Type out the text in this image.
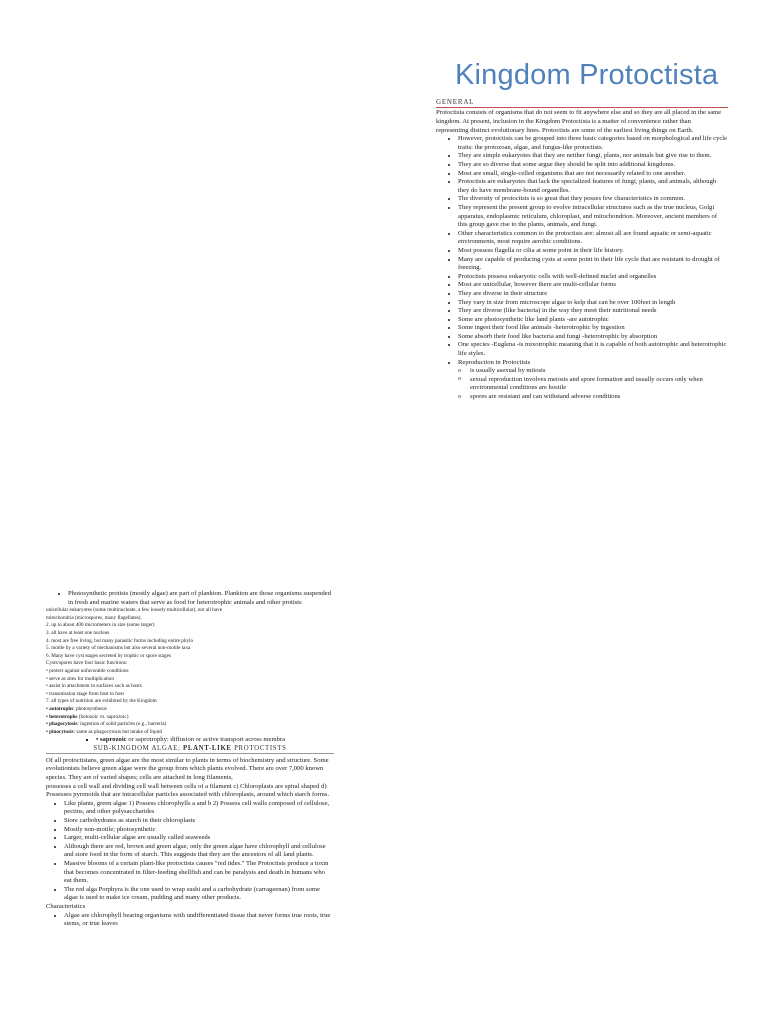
Kingdom Protoctista
GENERAL

Protoctista consists of organisms that do not seem to fit anywhere else and so they are all placed in the same kingdom. At present, inclusion in the Kingdom Protoctista is a matter of convenience rather than representing distinct evolutionary lines. Protoctists are some of the earliest living things on Earth.

• However, protoctists can be grouped into three basic categories based on morphological and life cycle traits: the protozoan, algae, and fungus-like protoctists.
• They are simple eukaryotes that they are neither fungi, plants, nor animals but give rise to them.
• They are so diverse that some argue they should be split into additional kingdoms.
• Most are small, single-celled organisms that are not necessarily related to one another.
• Protoctists are eukaryotes that lack the specialized features of fungi, plants, and animals, although they do have membrane-bound organelles.
• The diversity of protoctists is so great that they posses few characteristics in common.
• They represent the present group to evolve intracellular structures such as the true nucleus, Golgi apparatus, endoplasmic reticulum, chloroplast, and mitochondrion. Moreover, ancient members of this group gave rise to the plants, animals, and fungi.
• Other characteristics common to the protoctists are: almost all are found aquatic or semi-aquatic environments, most require aerobic conditions.
• Most possess flagella or cilia at some point in their life history.
• Many are capable of producing cysts at some point in their life cycle that are resistant to drought of freezing.
• Protoctists possess eukaryotic cells with well-defined nuclei and organelles
• Most are unicellular, however there are multi-cellular forms
• They are diverse in their structure
• They vary in size from microscope algae to kelp that can be over 100feet in length
• They are diverse (like bacteria) in the way they meet their nutritional needs
• Some are photosynthetic like land plants -are autotrophic
• Some ingest their food like animals -heterotrophic by ingestion
• Some absorb their food like bacteria and fungi -heterotrophic by absorption
• One species -Euglena -is mixotrophic meaning that it is capable of both autotrophic and heterotrophic life styles.
• Reproduction in Protoctists
o is usually asexual by mitosis
o sexual reproduction involves meiosis and spore formation and usually occurs only when environmental conditions are hostile
o spores are resistant and can withstand adverse conditions
• Photosynthetic protists (mostly algae) are part of plankton. Plankton are those organisms suspended in fresh and marine waters that serve as food for heterotrophic animals and other protists
unicellular eukaryotes (some multinucleate, a few loosely multicellular), not all have
mitochondria (microspores, many flagellates).
2. up to about 400 micrometers in size (some larger)
3. all have at least one nucleus
4. most are free living, but many parasitic forms including entire phyla
5. motile by a variety of mechanisms but also several non-motile taxa
6. Many have cyst stages secreted by trophic or spore stages
Cysts/spores have four basic functions:
• protect against unfavorable conditions
• serve as sites for multiplication
• assist in attachment to surfaces such as hosts
• transmission stage from host to host
7. all types of nutrition are exhibited by the Kingdom
• autotrophs: photosynthesis
• heterotrophs (holozoic vs. saprozoic)
• phagocytosis: ingestion of solid particles (e.g., bacteria)
• pinocytosis: same as phagocytosis but intake of liquid
▪ • saprozoic or saprotrophy: diffusion or active transport across membra
SUB-KINGDOM ALGAE; PLANT-LIKE PROTOCTISTS

Of all protoctistans, green algae are the most similar to plants in terms of biochemistry and structure. Some evolutionists believe green algae were the group from which plants evolved. There are over 7,000 known species. They are of varied shapes; cells are attached in long filaments,

possesses a cell wall and dividing cell wall between cells of a filament c) Chloroplasts are spiral shaped d) Possesses pyrenoids that are intracellular particles associated with chloroplasts, around which starch forms.

• Like plants, green algae 1) Possess chlorophylls a and b 2) Possess cell walls composed of cellulose, pectins, and other polysaccharides
• Store carbohydrates as starch in their chloroplasts
• Mostly non-motile; photosynthetic
• Larger, multi-cellular algae are usually called seaweeds
• Although there are red, brown and green algae, only the green algae have chlorophyll and cellulose and store food in the form of starch. This suggests that they are the ancestors of all land plants.
• Massive blooms of a certain plant-like protoctists causes "red tides." The Protoctists produce a toxin that becomes concentrated in filter-feeding shellfish and can be paralysis and death in humans who eat them.
• The red alga Porphyra is the one used to wrap sushi and a carbohydrate (carrageenan) from some algae is used to make ice cream, pudding and many other products.

Characteristics

• Algae are chlorophyll bearing organisms with undifferentiated tissue that never forms true roots, true stems, or true leaves
